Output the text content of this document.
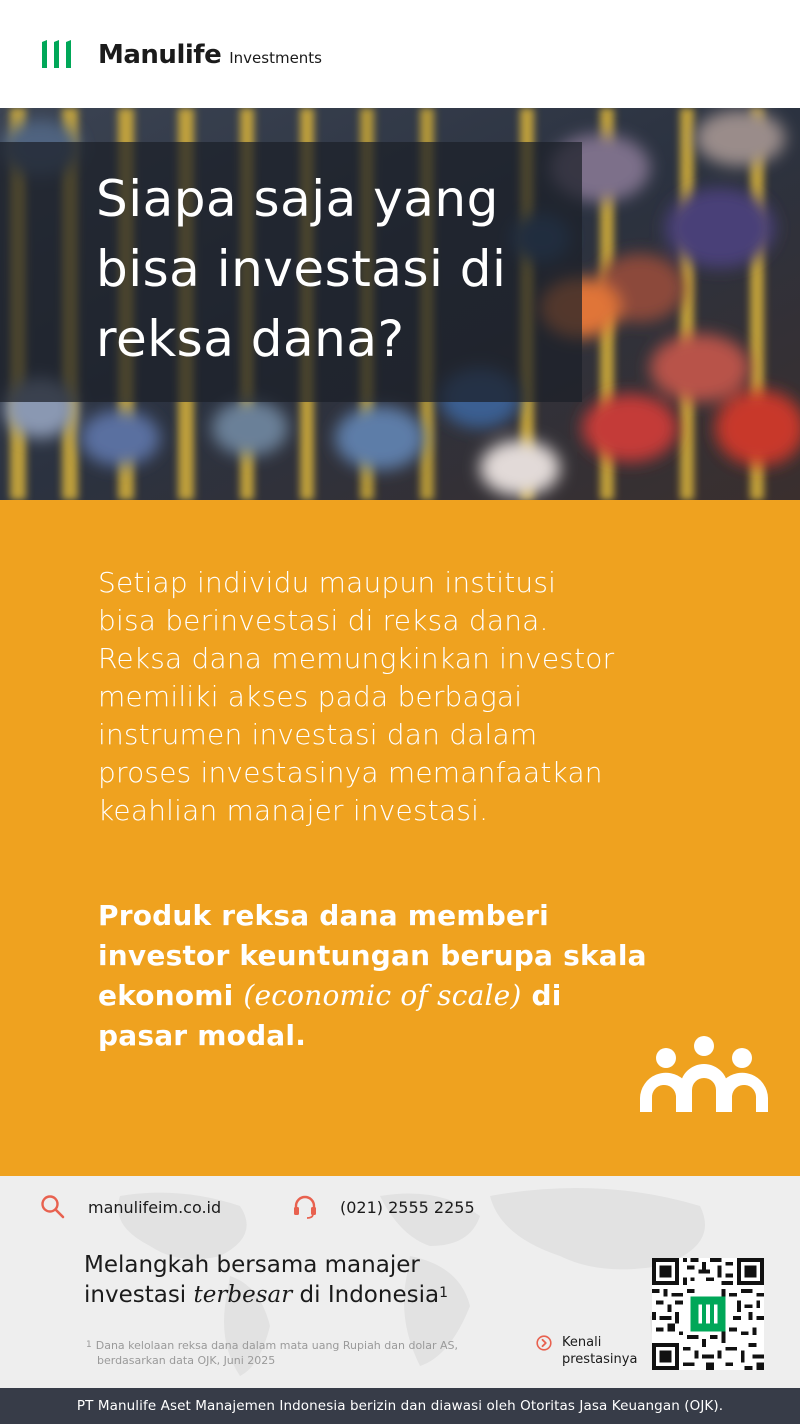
Manulife Investments
Siapa saja yang
bisa investasi di
reksa dana?
Setiap individu maupun institusi
bisa berinvestasi di reksa dana.
Reksa dana memungkinkan investor
memiliki akses pada berbagai
instrumen investasi dan dalam
proses investasinya memanfaatkan
keahlian manajer investasi.
Produk reksa dana memberi
investor keuntungan berupa skala
ekonomi (economic of scale) di
pasar modal.
manulifeim.co.id	(021) 2555 2255
Melangkah bersama manajer
investasi terbesar di Indonesia$^1$
$^1$ Dana kelolaan reksa dana dalam mata uang Rupiah dan dolar AS,
berdasarkan data OJK, Juni 2025
Kenali
prestasinya
PT Manulife Aset Manajemen Indonesia berizin dan diawasi oleh Otoritas Jasa Keuangan (OJK).
